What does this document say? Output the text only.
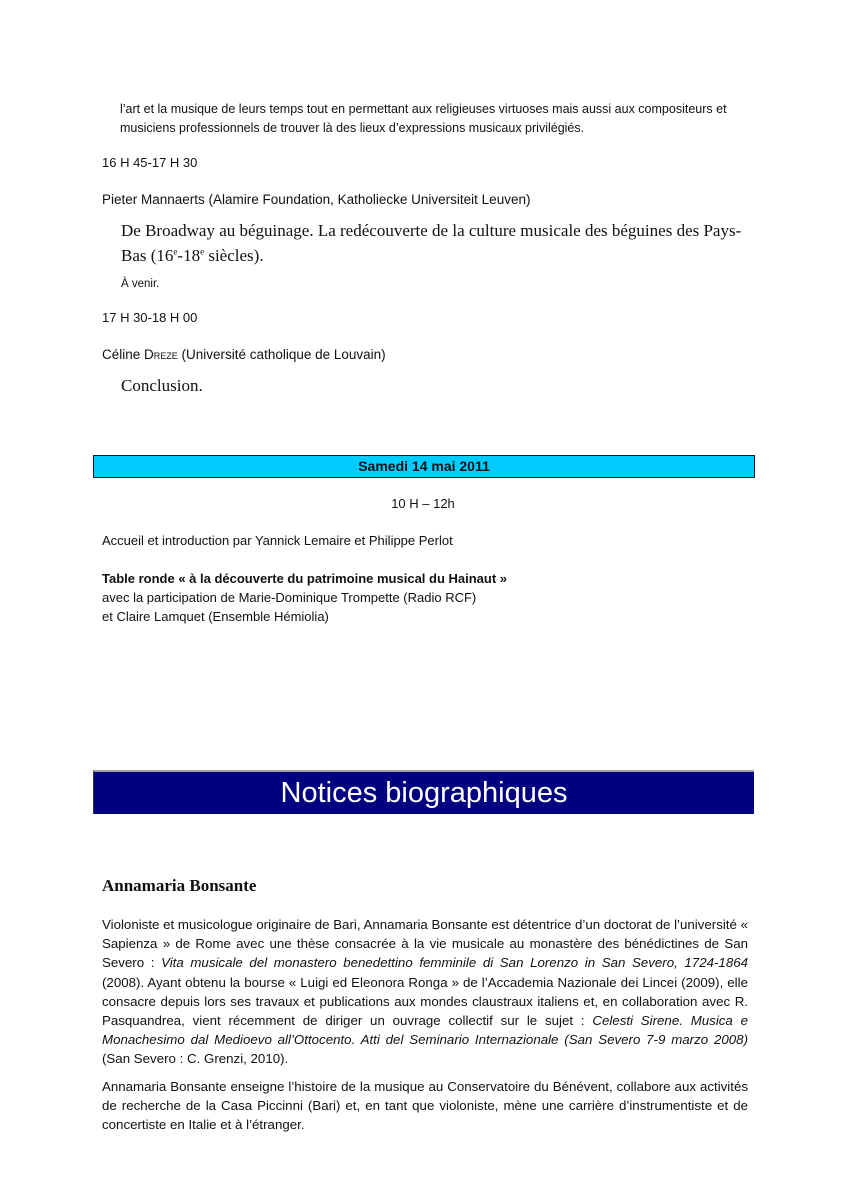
l’art et la musique de leurs temps tout en permettant aux religieuses virtuoses mais aussi aux compositeurs et musiciens professionnels de trouver là des lieux d’expressions musicaux privilégiés.
16 H 45-17 H 30
Pieter Mannaerts (Alamire Foundation, Katholiecke Universiteit Leuven)
De Broadway au béguinage. La redécouverte de la culture musicale des béguines des Pays-Bas (16e-18e siècles).
À venir.
17 H 30-18 H 00
Céline Dreze (Université catholique de Louvain)
Conclusion.
Samedi 14 mai 2011
10 H – 12h
Accueil et introduction par Yannick Lemaire et Philippe Perlot
Table ronde « à la découverte du patrimoine musical du Hainaut »
avec la participation de Marie-Dominique Trompette (Radio RCF)
et Claire Lamquet (Ensemble Hémiolia)
Notices biographiques
Annamaria Bonsante
Violoniste et musicologue originaire de Bari, Annamaria Bonsante est détentrice d’un doctorat de l’université « Sapienza » de Rome avec une thèse consacrée à la vie musicale au monastère des bénédictines de San Severo : Vita musicale del monastero benedettino femminile di San Lorenzo in San Severo, 1724-1864 (2008). Ayant obtenu la bourse « Luigi ed Eleonora Ronga » de l’Accademia Nazionale dei Lincei (2009), elle consacre depuis lors ses travaux et publications aux mondes claustraux italiens et, en collaboration avec R. Pasquandrea, vient récemment de diriger un ouvrage collectif sur le sujet : Celesti Sirene. Musica e Monachesimo dal Medioevo all’Ottocento. Atti del Seminario Internazionale (San Severo 7-9 marzo 2008) (San Severo : C. Grenzi, 2010).
Annamaria Bonsante enseigne l’histoire de la musique au Conservatoire du Bénévent, collabore aux activités de recherche de la Casa Piccinni (Bari) et, en tant que violoniste, mène une carrière d’instrumentiste et de concertiste en Italie et à l’étranger.
